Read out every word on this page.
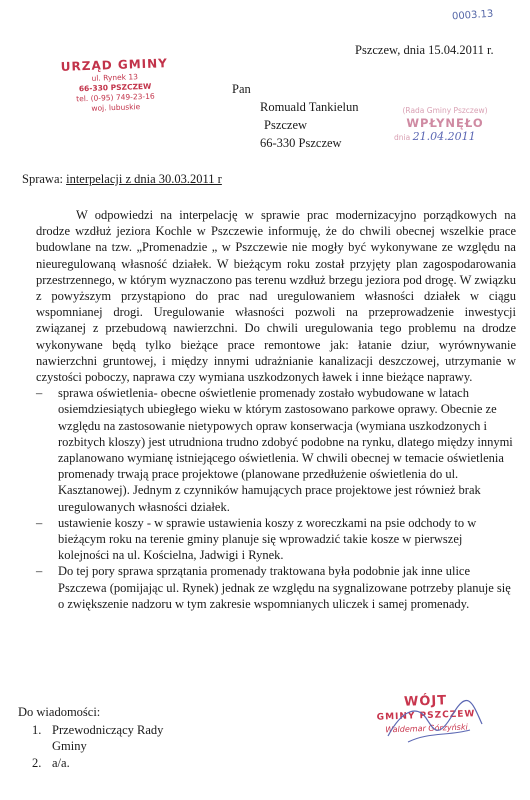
0003.13
URZĄD GMINY
ul. Rynek 13
66-330 PSZCZEW
tel. (0-95) 749-23-16
woj. lubuskie
Pszczew, dnia 15.04.2011 r.
Pan
Romuald Tankielun
Pszczew
66-330 Pszczew
(Rada Gminy Pszczew)
WPŁYNĘŁO
dnia 21.04.2011
Sprawa: interpelacji z dnia 30.03.2011 r

W odpowiedzi na interpelację w sprawie prac modernizacyjno porządkowych na drodze wzdłuż jeziora Kochle w Pszczewie informuję, że do chwili obecnej wszelkie prace budowlane na tzw. „Promenadzie „ w Pszczewie nie mogły być wykonywane ze względu na nieuregulowaną własność działek. W bieżącym roku został przyjęty plan zagospodarowania przestrzennego, w którym wyznaczono pas terenu wzdłuż brzegu jeziora pod drogę. W związku z powyższym przystąpiono do prac nad uregulowaniem własności działek w ciągu wspomnianej drogi. Uregulowanie własności pozwoli na przeprowadzenie inwestycji związanej z przebudową nawierzchni. Do chwili uregulowania tego problemu na drodze wykonywane będą tylko bieżące prace remontowe jak: łatanie dziur, wyrównywanie nawierzchni gruntowej, i między innymi udrażnianie kanalizacji deszczowej, utrzymanie w czystości poboczy, naprawa czy wymiana uszkodzonych ławek i inne bieżące naprawy.

– sprawa oświetlenia- obecne oświetlenie promenady zostało wybudowane w latach osiemdziesiątych ubiegłego wieku w którym zastosowano parkowe oprawy. Obecnie ze względu na zastosowanie nietypowych opraw konserwacja (wymiana uszkodzonych i rozbitych kloszy) jest utrudniona trudno zdobyć podobne na rynku, dlatego między innymi zaplanowano wymianę istniejącego oświetlenia. W chwili obecnej w temacie oświetlenia promenady trwają prace projektowe (planowane przedłużenie oświetlenia do ul. Kasztanowej). Jednym z czynników hamujących prace projektowe jest również brak uregulowanych własności działek.
– ustawienie koszy - w sprawie ustawienia koszy z woreczkami na psie odchody to w bieżącym roku na terenie gminy planuje się wprowadzić takie kosze w pierwszej kolejności na ul. Kościelna, Jadwigi i Rynek.
– Do tej pory sprawa sprzątania promenady traktowana była podobnie jak inne ulice Pszczewa (pomijając ul. Rynek) jednak ze względu na sygnalizowane potrzeby planuje się o zwiększenie nadzoru w tym zakresie wspomnianych uliczek i samej promenady.
Do wiadomości:
1. Przewodniczący Rady
Gminy
2. a/a.
WÓJT
GMINY PSZCZEW
Waldemar Górzyński
